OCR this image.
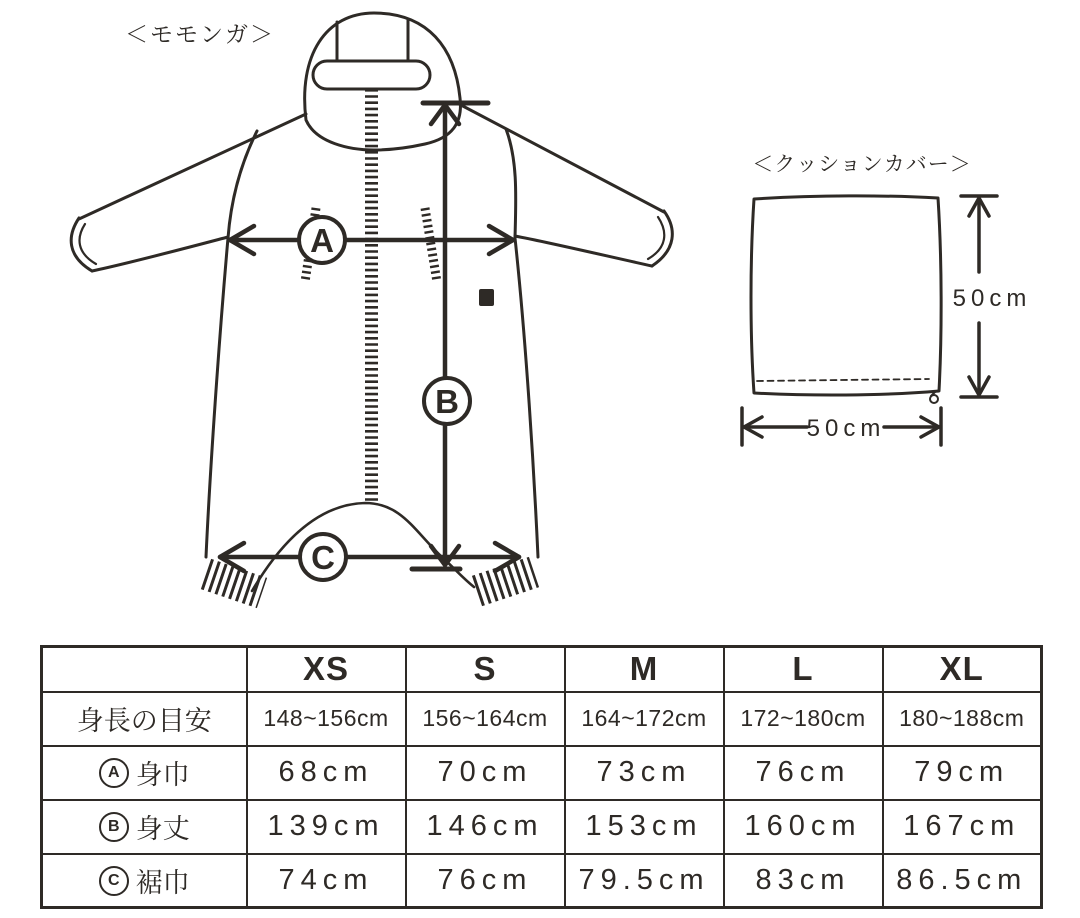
＜モモンガ＞
A
B
C
＜クッションカバー＞
50cm
50cm
	XS	S	M	L	XL

身長の目安	148~156cm	156~164cm	164~172cm	172~180cm	180~188cm

A 身巾	68cm	70cm	73cm	76cm	79cm

B 身丈	139cm	146cm	153cm	160cm	167cm

C 裾巾	74cm	76cm	79.5cm	83cm	86.5cm
